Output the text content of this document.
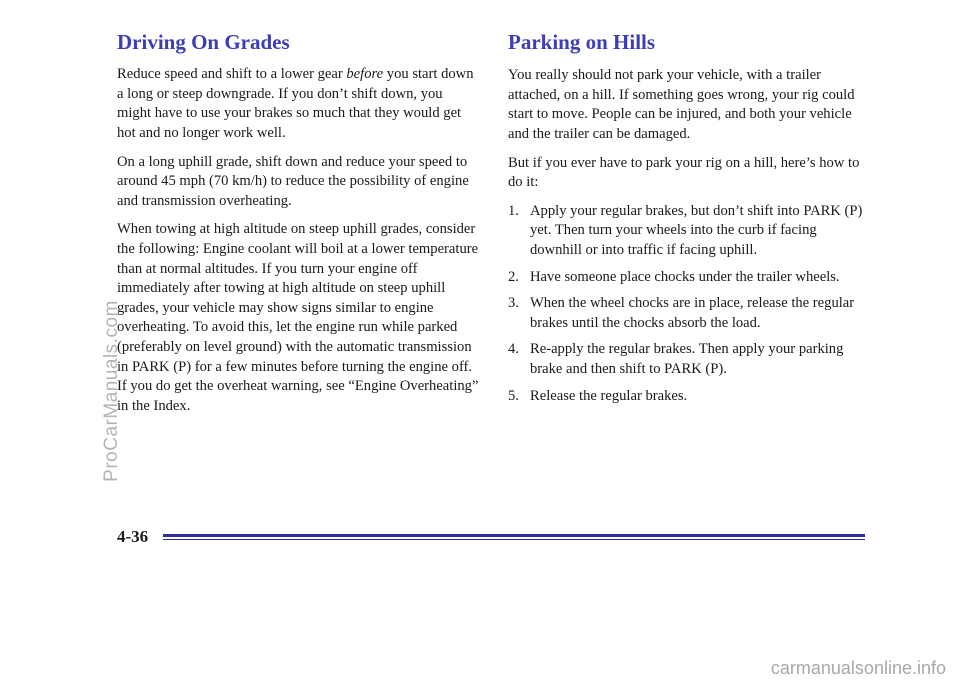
Driving On Grades

Reduce speed and shift to a lower gear before you start down a long or steep downgrade. If you don’t shift down, you might have to use your brakes so much that they would get hot and no longer work well.

On a long uphill grade, shift down and reduce your speed to around 45 mph (70 km/h) to reduce the possibility of engine and transmission overheating.

When towing at high altitude on steep uphill grades, consider the following: Engine coolant will boil at a lower temperature than at normal altitudes. If you turn your engine off immediately after towing at high altitude on steep uphill grades, your vehicle may show signs similar to engine overheating. To avoid this, let the engine run while parked (preferably on level ground) with the automatic transmission in PARK (P) for a few minutes before turning the engine off. If you do get the overheat warning, see “Engine Overheating” in the Index.

Parking on Hills

You really should not park your vehicle, with a trailer attached, on a hill. If something goes wrong, your rig could start to move. People can be injured, and both your vehicle and the trailer can be damaged.

But if you ever have to park your rig on a hill, here’s how to do it:

1. Apply your regular brakes, but don’t shift into PARK (P) yet. Then turn your wheels into the curb if facing downhill or into traffic if facing uphill.
2. Have someone place chocks under the trailer wheels.
3. When the wheel chocks are in place, release the regular brakes until the chocks absorb the load.
4. Re-apply the regular brakes. Then apply your parking brake and then shift to PARK (P).
5. Release the regular brakes.
4-36
ProCarManuals.com
carmanualsonline.info
